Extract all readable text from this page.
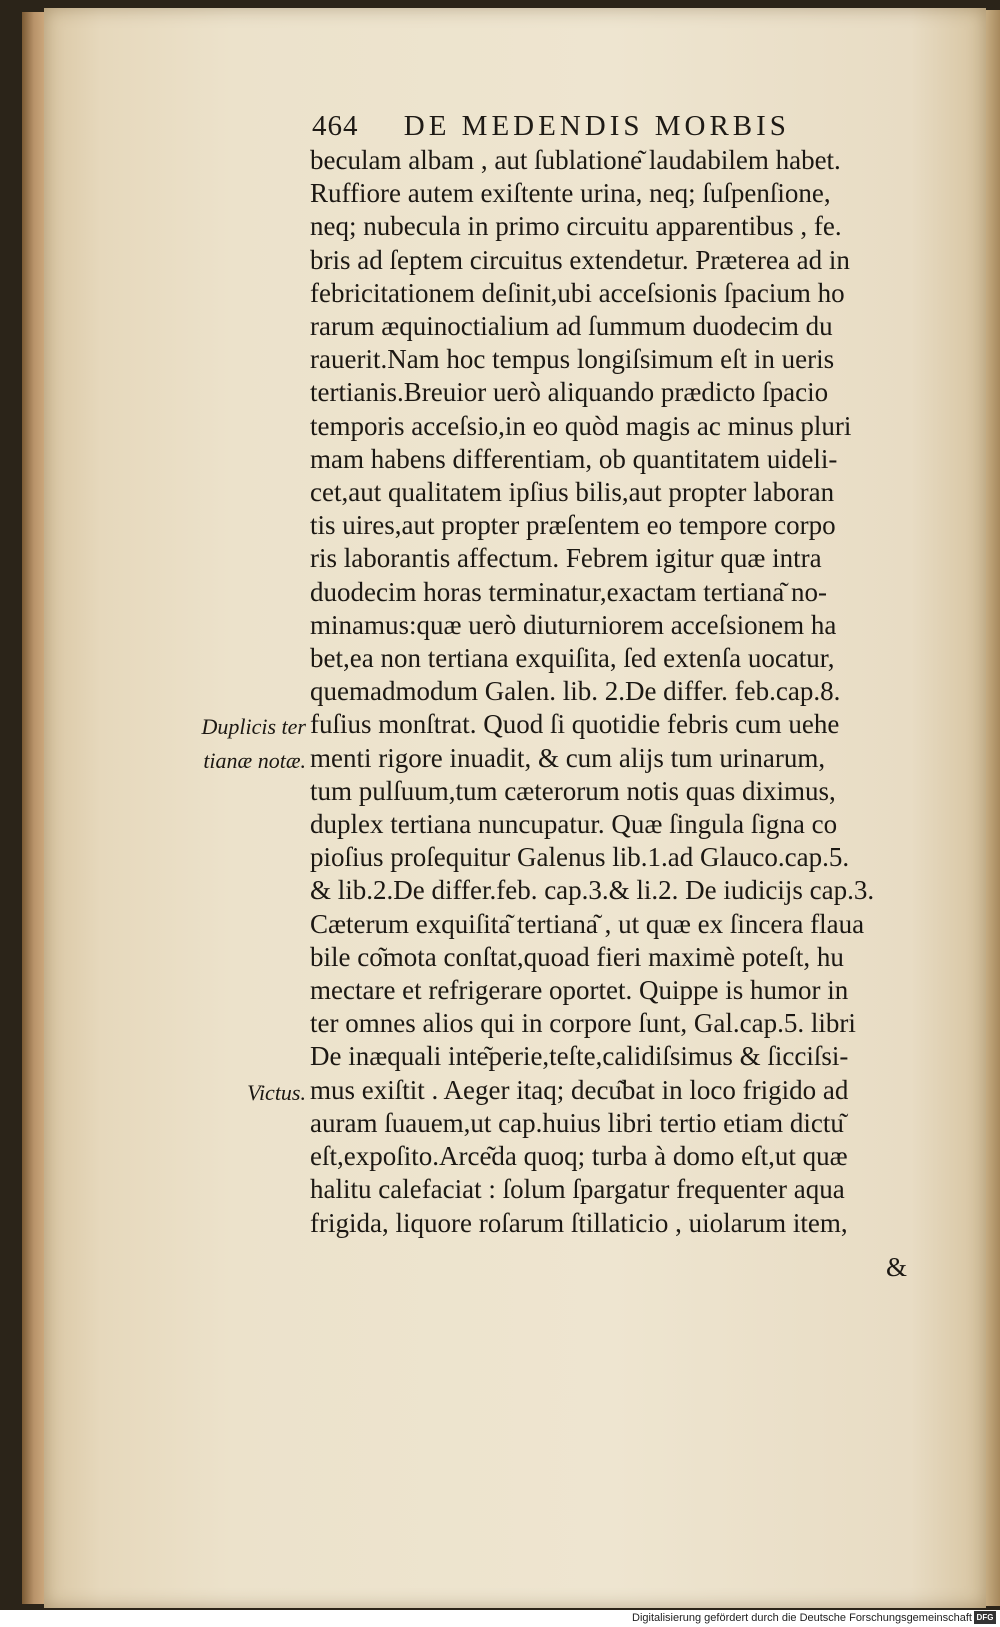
464 DE MEDENDIS MORBIS
beculam albam , aut ſublatione͂ laudabilem habet.
Ruffiore autem exiſtente urina, neq; ſuſpenſione,
neq; nubecula in primo circuitu apparentibus , fe.
bris ad ſeptem circuitus extendetur. Prӕterea ad in
febricitationem deſinit,ubi acceſsionis ſpacium ho
rarum ӕquinoctialium ad ſummum duodecim du
rauerit.Nam hoc tempus longiſsimum eſt in ueris
tertianis.Breuior uerò aliquando prӕdicto ſpacio
temporis acceſsio,in eo quòd magis ac minus pluri
mam habens differentiam, ob quantitatem uideli-
cet,aut qualitatem ipſius bilis,aut propter laboran
tis uires,aut propter prӕſentem eo tempore corpo
ris laborantis affectum. Febrem igitur quӕ intra
duodecim horas terminatur,exactam tertiana͂ no-
minamus:quӕ uerò diuturniorem acceſsionem ha
bet,ea non tertiana exquiſita, ſed extenſa uocatur,
quemadmodum Galen. lib. 2.De differ. feb.cap.8.
fuſius monſtrat. Quod ſi quotidie febris cum uehe
menti rigore inuadit, & cum alijs tum urinarum,
tum pulſuum,tum cӕterorum notis quas diximus,
duplex tertiana nuncupatur. Quӕ ſingula ſigna co
pioſius proſequitur Galenus lib.1.ad Glauco.cap.5.
& lib.2.De differ.feb. cap.3.& li.2. De iudicijs cap.3.
Cӕterum exquiſita͂ tertiana͂ , ut quӕ ex ſincera flaua
bile co͂mota conſtat,quoad fieri maximè poteſt, hu
mectare et refrigerare oportet. Quippe is humor in
ter omnes alios qui in corpore ſunt, Gal.cap.5. libri
De inӕquali inte͂perie,teſte,calidiſsimus & ſicciſsi-
mus exiſtit . Aeger itaq; decu͂bat in loco frigido ad
auram ſuauem,ut cap.huius libri tertio etiam dictu͂
eſt,expoſito.Arce͂da quoq; turba à domo eſt,ut quӕ
halitu calefaciat : ſolum ſpargatur frequenter aqua
frigida, liquore roſarum ſtillaticio , uiolarum item,
Duplicis ter
tianӕ notӕ.
Victus.
&
Digitalisierung gefördert durch die Deutsche Forschungsgemeinschaft DFG
